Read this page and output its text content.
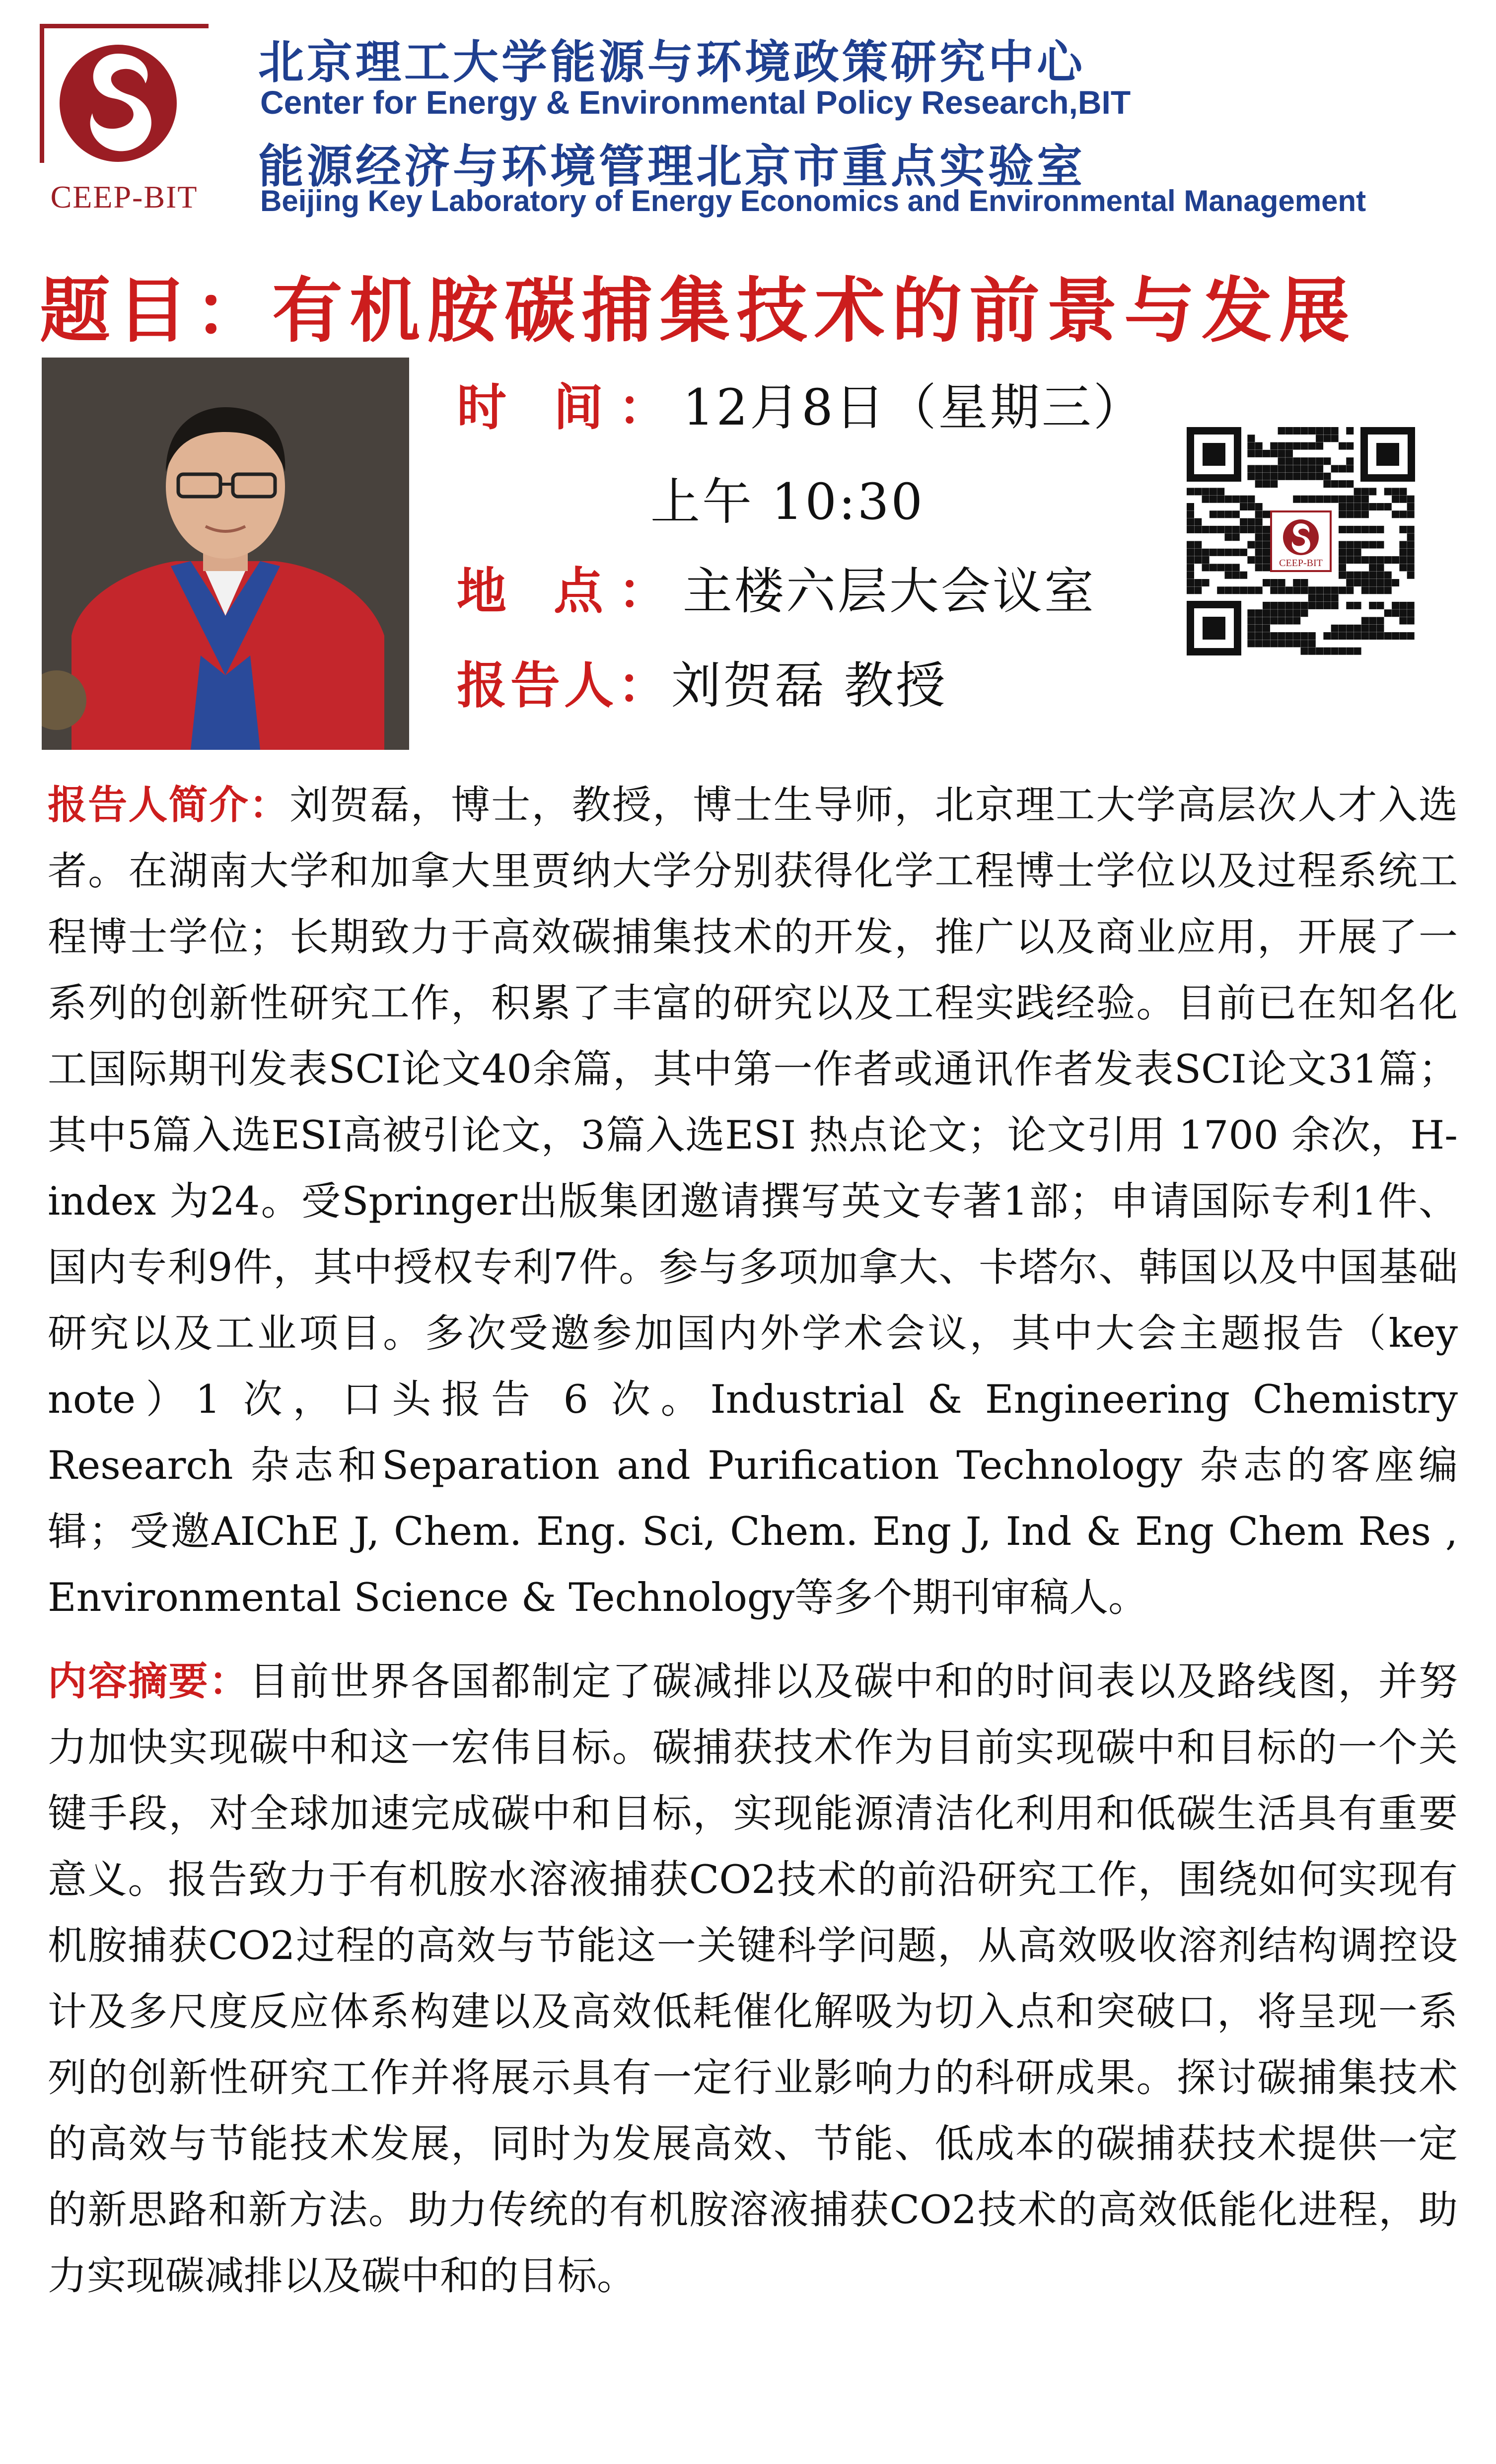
CEEP-BIT
北京理工大学能源与环境政策研究中心
Center for Energy & Environmental Policy Research,BIT
能源经济与环境管理北京市重点实验室
Beijing Key Laboratory of Energy Economics and Environmental Management
题目：有机胺碳捕集技术的前景与发展
时 间：12月8日（星期三）
上午 10:30
地 点：主楼六层大会议室
报告人：刘贺磊 教授
CEEP-BIT

报告人简介：刘贺磊，博士，教授，博士生导师，北京理工大学高层次人才入选者。在湖南大学和加拿大里贾纳大学分别获得化学工程博士学位以及过程系统工程博士学位；长期致力于高效碳捕集技术的开发，推广以及商业应用，开展了一系列的创新性研究工作，积累了丰富的研究以及工程实践经验。目前已在知名化工国际期刊发表SCI论文40余篇，其中第一作者或通讯作者发表SCI论文31篇；其中5篇入选ESI高被引论文，3篇入选ESI 热点论文；论文引用 1700 余次，H-index 为24。受Springer出版集团邀请撰写英文专著1部；申请国际专利1件、国内专利9件，其中授权专利7件。参与多项加拿大、卡塔尔、韩国以及中国基础研究以及工业项目。多次受邀参加国内外学术会议，其中大会主题报告（key note）1 次，口头报告 6 次。Industrial & Engineering Chemistry Research 杂志和Separation and Purification Technology 杂志的客座编辑；受邀AIChE J, Chem. Eng. Sci, Chem. Eng J, Ind & Eng Chem Res , Environmental Science & Technology等多个期刊审稿人。

内容摘要：目前世界各国都制定了碳减排以及碳中和的时间表以及路线图，并努力加快实现碳中和这一宏伟目标。碳捕获技术作为目前实现碳中和目标的一个关键手段，对全球加速完成碳中和目标，实现能源清洁化利用和低碳生活具有重要意义。报告致力于有机胺水溶液捕获CO2技术的前沿研究工作，围绕如何实现有机胺捕获CO2过程的高效与节能这一关键科学问题，从高效吸收溶剂结构调控设计及多尺度反应体系构建以及高效低耗催化解吸为切入点和突破口，将呈现一系列的创新性研究工作并将展示具有一定行业影响力的科研成果。探讨碳捕集技术的高效与节能技术发展，同时为发展高效、节能、低成本的碳捕获技术提供一定的新思路和新方法。助力传统的有机胺溶液捕获CO2技术的高效低能化进程，助力实现碳减排以及碳中和的目标。
